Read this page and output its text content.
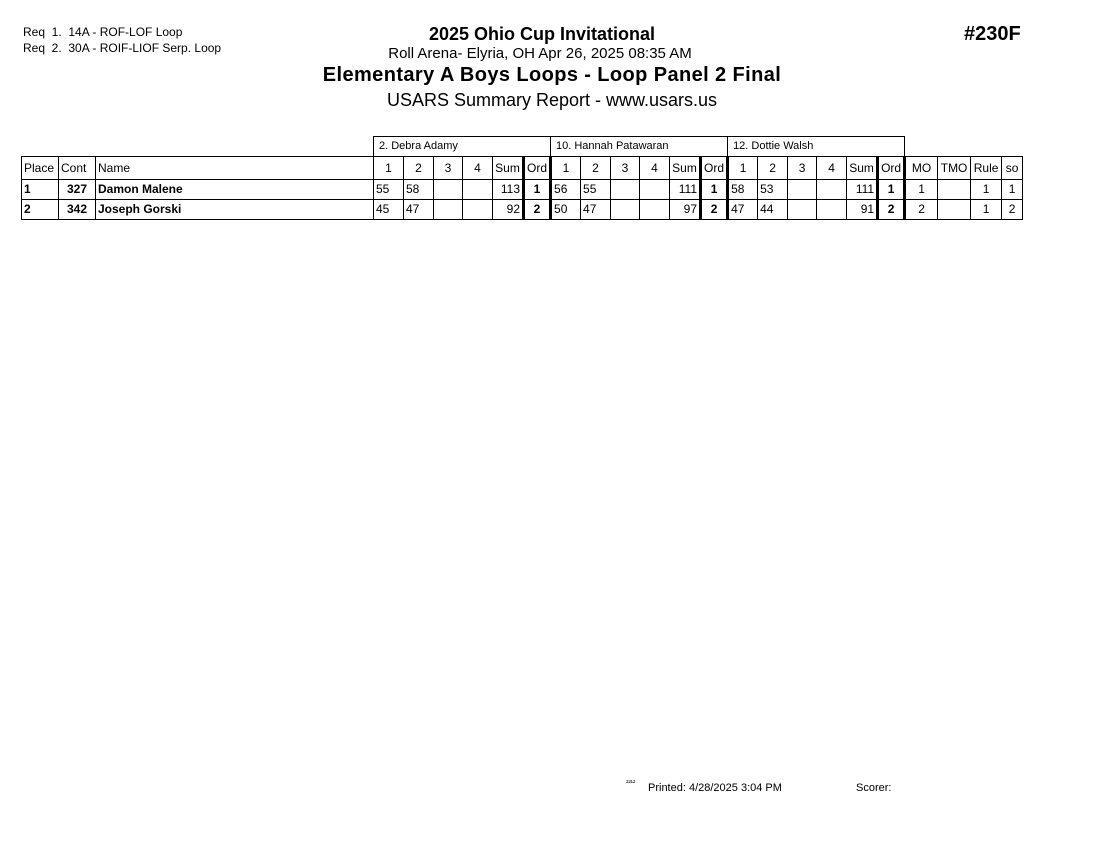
Req  1.  14A - ROF-LOF Loop
Req  2.  30A - ROIF-LIOF Serp. Loop
#230F
2025 Ohio Cup Invitational
Roll Arena- Elyria, OH Apr 26, 2025 08:35 AM
Elementary A Boys Loops - Loop Panel 2 Final
USARS Summary Report - www.usars.us
			2. Debra Adamy						10. Hannah Patawaran						12. Dottie Walsh									
Place	Cont	Name	1	2	3	4	Sum	Ord	1	2	3	4	Sum	Ord	1	2	3	4	Sum	Ord	MO	TMO	Rule	so
1	327	Damon Malene	55	58			113	1	56	55			111	1	58	53			111	1	1		1	1
2	342	Joseph Gorski	45	47			92	2	50	47			97	2	47	44			91	2	2		1	2
³²¹² Printed: 4/28/2025 3:04 PM	Scorer:
